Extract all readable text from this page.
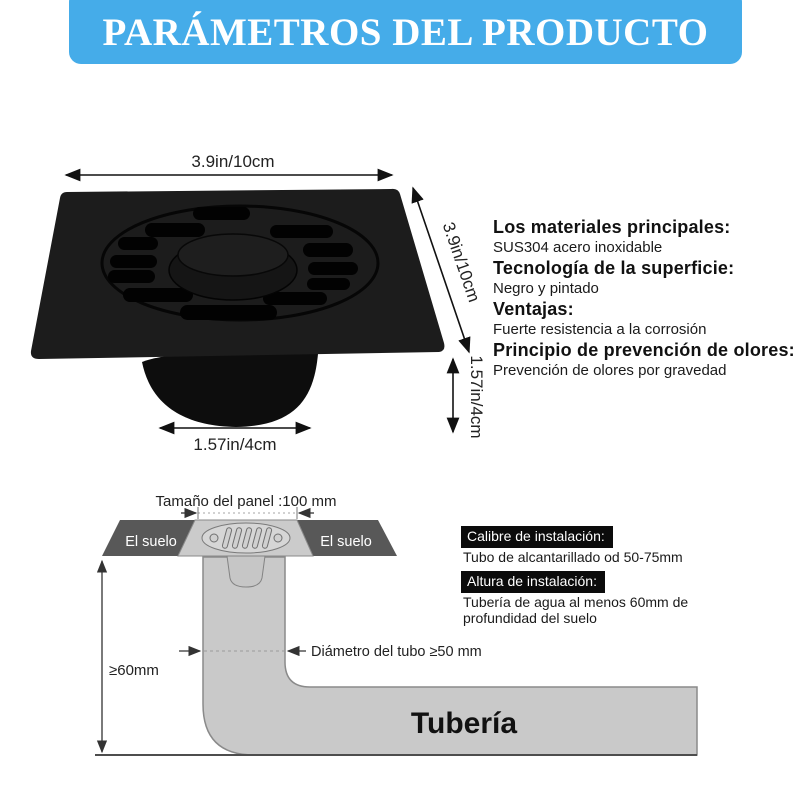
PARÁMETROS DEL PRODUCTO
3.9in/10cm
3.9in/10cm
1.57in/4cm
1.57in/4cm
Los materiales principales:
SUS304 acero inoxidable
Tecnología de la superficie:
Negro y pintado
Ventajas:
Fuerte resistencia a la corrosión
Principio de prevención de olores:
Prevención de olores por gravedad
Tamaño del panel :100 mm
El suelo	El suelo
Diámetro del tubo ≥50 mm
≥60mm
Tubería
Calibre de instalación:
Tubo de alcantarillado od 50-75mm
Altura de instalación:
Tubería de agua al menos 60mm de profundidad del suelo
